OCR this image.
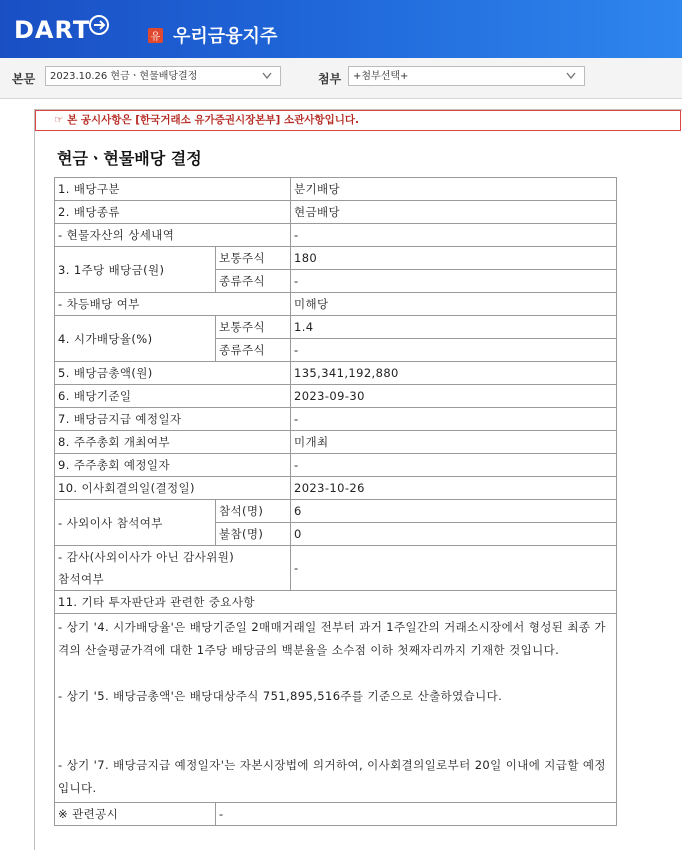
DART	유 우리금융지주
본문	2023.10.26 현금ㆍ현물배당결정	첨부	+첨부선택+
☞ 본 공시사항은 [한국거래소 유가증권시장본부] 소관사항입니다.
현금ㆍ현물배당 결정
1. 배당구분		분기배당
2. 배당종류		현금배당
- 현물자산의 상세내역		-
3. 1주당 배당금(원)	보통주식	180
	종류주식	-
- 차등배당 여부		미해당
4. 시가배당율(%)	보통주식	1.4
	종류주식	-
5. 배당금총액(원)		135,341,192,880
6. 배당기준일		2023-09-30
7. 배당금지급 예정일자		-
8. 주주총회 개최여부		미개최
9. 주주총회 예정일자		-
10. 이사회결의일(결정일)		2023-10-26
- 사외이사 참석여부	참석(명)	6
	불참(명)	0

- 감사(사외이사가 아닌 감사위원)
참석여부		-
11. 기타 투자판단과 관련한 중요사항		

- 상기 '4. 시가배당율'은 배당기준일 2매매거래일 전부터 과거 1주일간의 거래소시장에서 형성된 최종 가격의 산술평균가격에 대한 1주당 배당금의 백분율을 소수점 이하 첫째자리까지 기재한 것입니다.
- 상기 '5. 배당금총액'은 배당대상주식 751,895,516주를 기준으로 산출하였습니다.
- 상기 '7. 배당금지급 예정일자'는 자본시장법에 의거하여, 이사회결의일로부터 20일 이내에 지급할 예정입니다.		

※ 관련공시	-	
